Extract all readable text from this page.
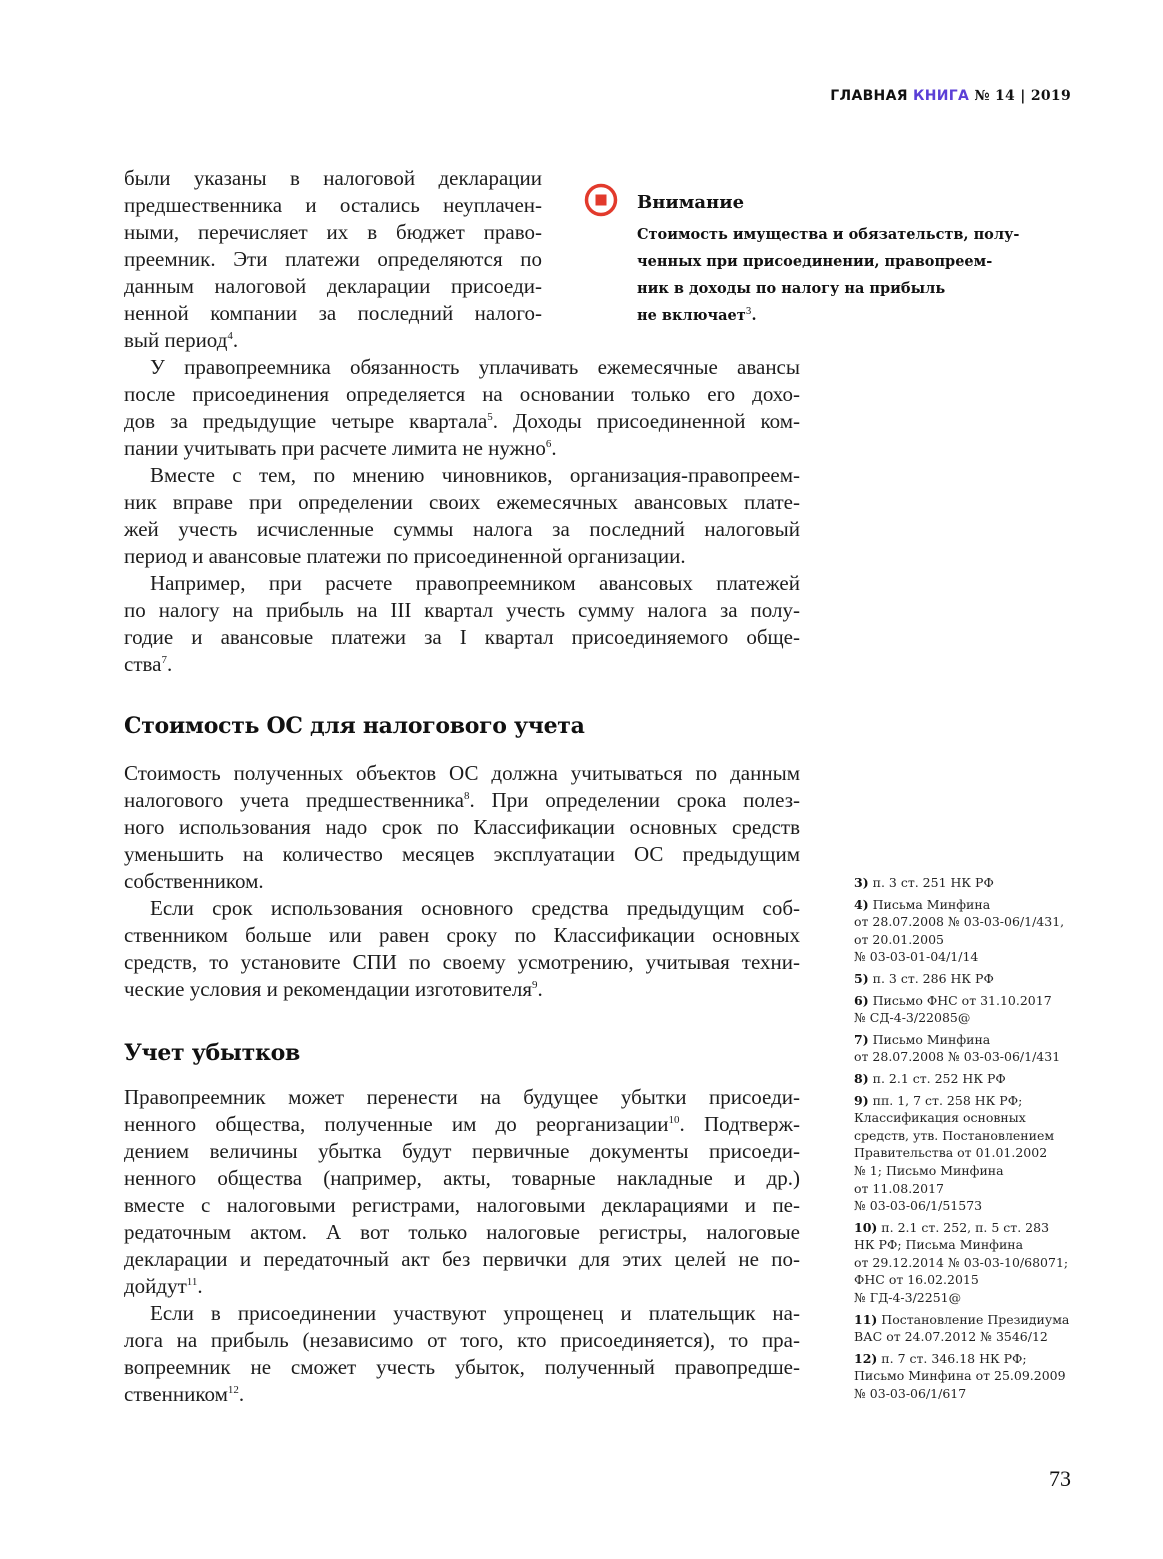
ГЛАВНАЯ КНИГА № 14 | 2019
были указаны в налоговой декларации
предшественника и остались неуплачен-
ными, перечисляет их в бюджет право-
преемник. Эти платежи определяются по
данным налоговой декларации присоеди-
ненной компании за последний налого-
вый период$^4$.
Внимание
Стоимость имущества и обязательств, полу-
ченных при присоединении, правопреем-
ник в доходы по налогу на прибыль
не включает$^3$.
У правопреемника обязанность уплачивать ежемесячные авансы
после присоединения определяется на основании только его дохо-
дов за предыдущие четыре квартала$^5$. Доходы присоединенной ком-
пании учитывать при расчете лимита не нужно$^6$.
Вместе с тем, по мнению чиновников, организация-правопреем-
ник вправе при определении своих ежемесячных авансовых плате-
жей учесть исчисленные суммы налога за последний налоговый
период и авансовые платежи по присоединенной организации.
Например, при расчете правопреемником авансовых платежей
по налогу на прибыль на III квартал учесть сумму налога за полу-
годие и авансовые платежи за I квартал присоединяемого обще-
ства$^7$.
Стоимость ОС для налогового учета
Стоимость полученных объектов ОС должна учитываться по данным
налогового учета предшественника$^8$. При определении срока полез-
ного использования надо срок по Классификации основных средств
уменьшить на количество месяцев эксплуатации ОС предыдущим
собственником.
Если срок использования основного средства предыдущим соб-
ственником больше или равен сроку по Классификации основных
средств, то установите СПИ по своему усмотрению, учитывая техни-
ческие условия и рекомендации изготовителя$^9$.
Учет убытков
Правопреемник может перенести на будущее убытки присоеди-
ненного общества, полученные им до реорганизации$^{10}$. Подтверж-
дением величины убытка будут первичные документы присоеди-
ненного общества (например, акты, товарные накладные и др.)
вместе с налоговыми регистрами, налоговыми декларациями и пе-
редаточным актом. А вот только налоговые регистры, налоговые
декларации и передаточный акт без первички для этих целей не по-
дойдут$^{11}$.
Если в присоединении участвуют упрощенец и плательщик на-
лога на прибыль (независимо от того, кто присоединяется), то пра-
вопреемник не сможет учесть убыток, полученный правопредше-
ственником$^{12}$.
3) п. 3 ст. 251 НК РФ
4) Письма Минфина
от 28.07.2008 № 03-03-06/1/431,
от 20.01.2005
№ 03-03-01-04/1/14
5) п. 3 ст. 286 НК РФ
6) Письмо ФНС от 31.10.2017
№ СД-4-3/22085@
7) Письмо Минфина
от 28.07.2008 № 03-03-06/1/431
8) п. 2.1 ст. 252 НК РФ
9) пп. 1, 7 ст. 258 НК РФ;
Классификация основных
средств, утв. Постановлением
Правительства от 01.01.2002
№ 1; Письмо Минфина
от 11.08.2017
№ 03-03-06/1/51573
10) п. 2.1 ст. 252, п. 5 ст. 283
НК РФ; Письма Минфина
от 29.12.2014 № 03-03-10/68071;
ФНС от 16.02.2015
№ ГД-4-3/2251@
11) Постановление Президиума
ВАС от 24.07.2012 № 3546/12
12) п. 7 ст. 346.18 НК РФ;
Письмо Минфина от 25.09.2009
№ 03-03-06/1/617
73
